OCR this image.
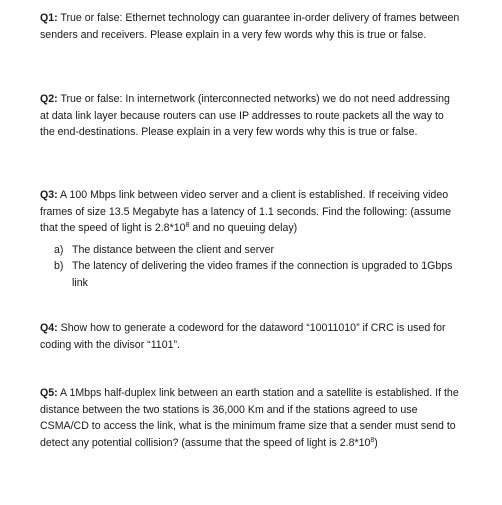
Q1: True or false: Ethernet technology can guarantee in-order delivery of frames between senders and receivers. Please explain in a very few words why this is true or false.
Q2: True or false: In internetwork (interconnected networks) we do not need addressing at data link layer because routers can use IP addresses to route packets all the way to the end-destinations. Please explain in a very few words why this is true or false.
Q3: A 100 Mbps link between video server and a client is established. If receiving video frames of size 13.5 Megabyte has a latency of 1.1 seconds. Find the following: (assume that the speed of light is $2.8*10^8$ and no queuing delay)
a) The distance between the client and server
b) The latency of delivering the video frames if the connection is upgraded to 1Gbps link
Q4: Show how to generate a codeword for the dataword “10011010” if CRC is used for coding with the divisor “1101”.
Q5: A 1Mbps half-duplex link between an earth station and a satellite is established. If the distance between the two stations is 36,000 Km and if the stations agreed to use CSMA/CD to access the link, what is the minimum frame size that a sender must send to detect any potential collision? (assume that the speed of light is $2.8*10^8$)
